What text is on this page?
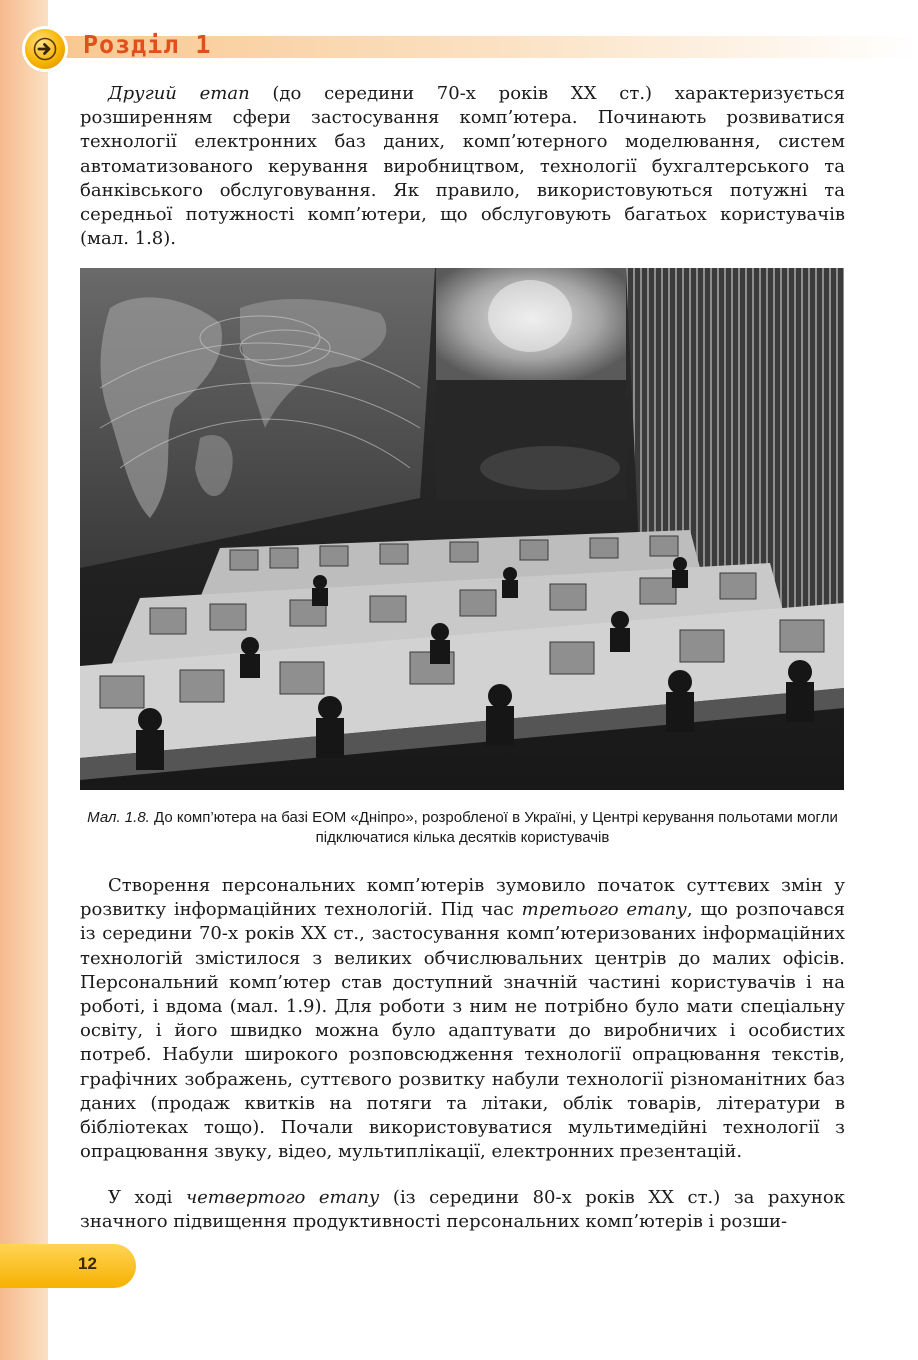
Розділ 1

Другий етап (до середини 70-х років XX ст.) характеризується розширенням сфери застосування комп’ютера. Починають розвиватися технології електронних баз даних, комп’ютерного моделювання, систем автоматизованого керування виробництвом, технології бухгалтерського та банківського обслуговування. Як правило, використовуються потужні та середньої потужності комп’ютери, що обслуговують багатьох користувачів (мал. 1.8).

Мал. 1.8. До комп’ютера на базі ЕОМ «Дніпро», розробленої в Україні, у Центрі керування польотами могли підключатися кілька десятків користувачів

Створення персональних комп’ютерів зумовило початок суттєвих змін у розвитку інформаційних технологій. Під час третього етапу, що розпочався із середини 70-х років XX ст., застосування комп’ютеризованих інформаційних технологій змістилося з великих обчислювальних центрів до малих офісів. Персональний комп’ютер став доступний значній частині користувачів і на роботі, і вдома (мал. 1.9). Для роботи з ним не потрібно було мати спеціальну освіту, і його швидко можна було адаптувати до виробничих і особистих потреб. Набули широкого розповсюдження технології опрацювання текстів, графічних зображень, суттєвого розвитку набули технології різноманітних баз даних (продаж квитків на потяги та літаки, облік товарів, літератури в бібліотеках тощо). Почали використовуватися мультимедійні технології з опрацювання звуку, відео, мультиплікації, електронних презентацій.

У ході четвертого етапу (із середини 80-х років XX ст.) за рахунок значного підвищення продуктивності персональних комп’ютерів і розши-

12
